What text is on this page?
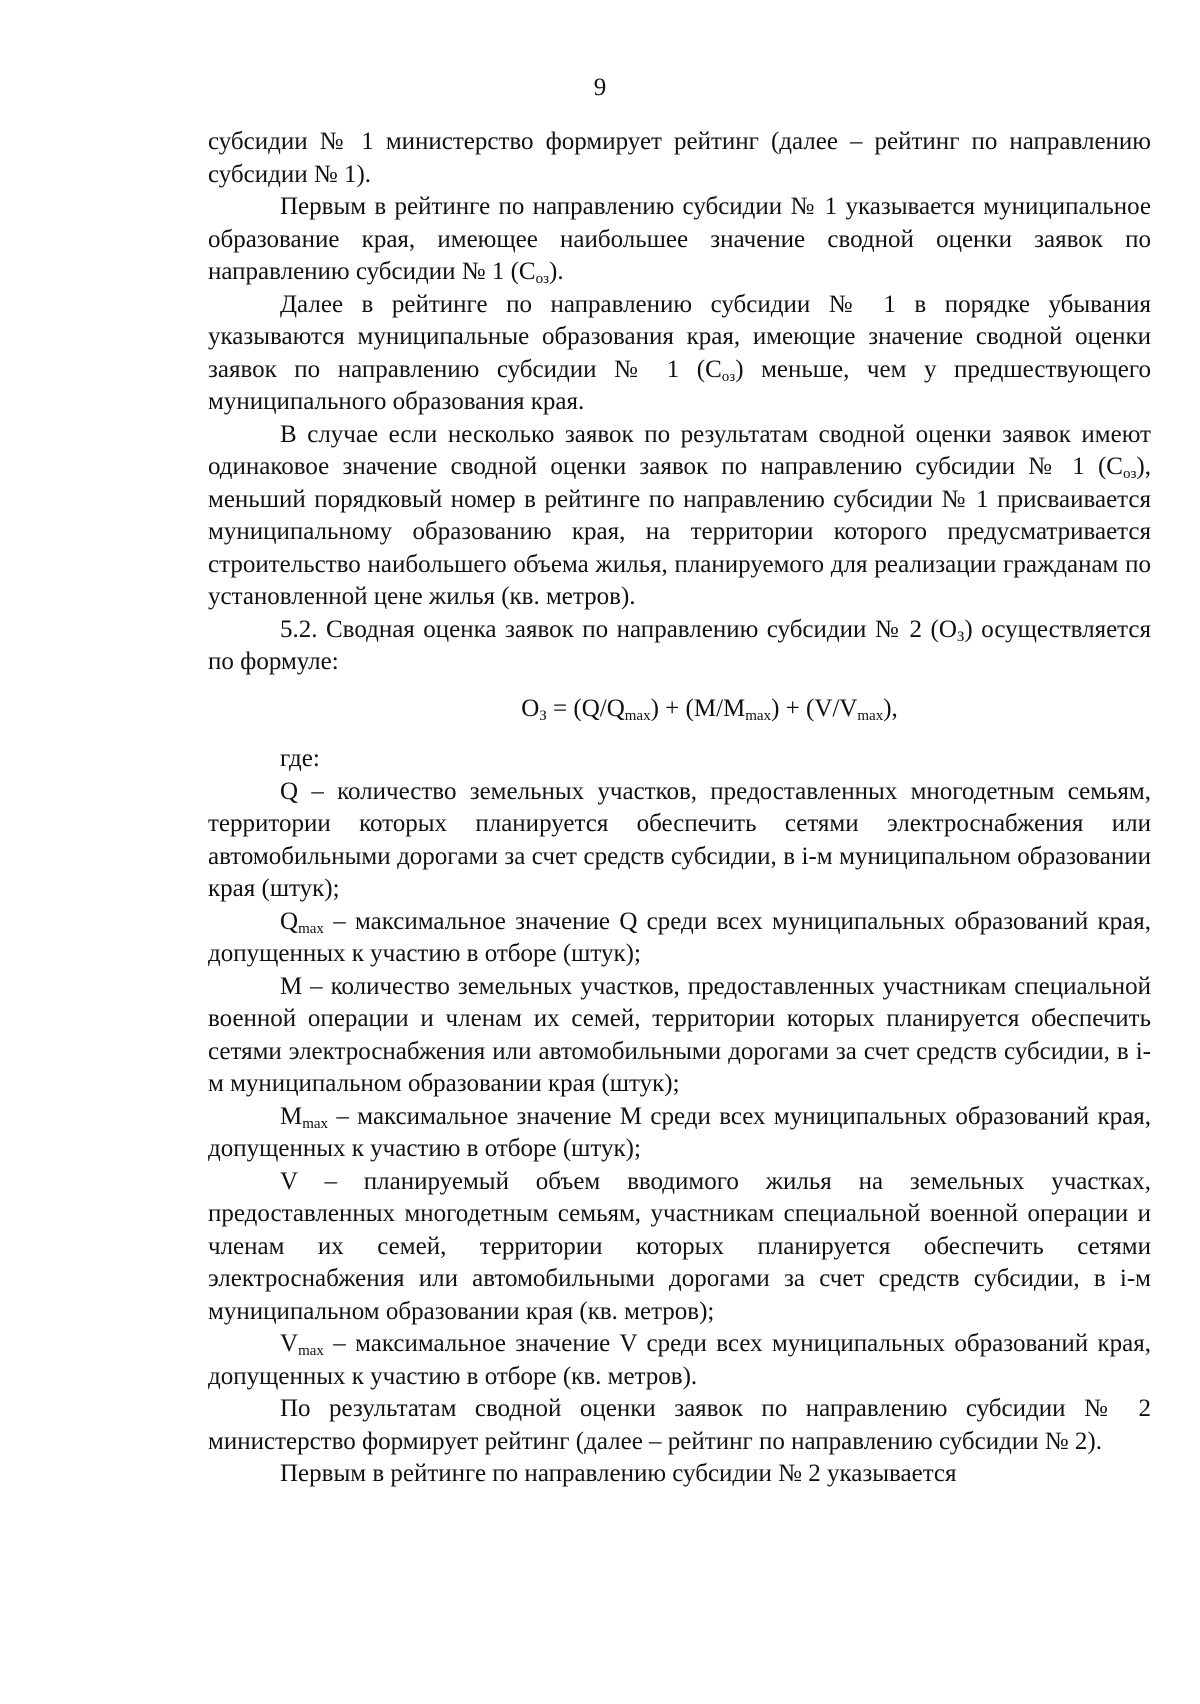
9

субсидии № 1 министерство формирует рейтинг (далее – рейтинг по направлению субсидии № 1).

Первым в рейтинге по направлению субсидии № 1 указывается муниципальное образование края, имеющее наибольшее значение сводной оценки заявок по направлению субсидии № 1 $(С_{оз})$.

Далее в рейтинге по направлению субсидии № 1 в порядке убывания указываются муниципальные образования края, имеющие значение сводной оценки заявок по направлению субсидии № 1 $(С_{оз})$ меньше, чем у предшествующего муниципального образования края.

В случае если несколько заявок по результатам сводной оценки заявок имеют одинаковое значение сводной оценки заявок по направлению субсидии № 1 $(С_{оз})$, меньший порядковый номер в рейтинге по направлению субсидии № 1 присваивается муниципальному образованию края, на территории которого предусматривается строительство наибольшего объема жилья, планируемого для реализации гражданам по установленной цене жилья (кв. метров).

5.2. Сводная оценка заявок по направлению субсидии № 2 $(О_З)$ осуществляется по формуле:

$О_З = (Q/Q_{max}) + (M/M_{max}) + (V/V_{max})$,

где:

Q – количество земельных участков, предоставленных многодетным семьям, территории которых планируется обеспечить сетями электроснабжения или автомобильными дорогами за счет средств субсидии, в i-м муниципальном образовании края (штук);

$Q_{max}$ – максимальное значение Q среди всех муниципальных образований края, допущенных к участию в отборе (штук);

M – количество земельных участков, предоставленных участникам специальной военной операции и членам их семей, территории которых планируется обеспечить сетями электроснабжения или автомобильными дорогами за счет средств субсидии, в i-м муниципальном образовании края (штук);

$M_{max}$ – максимальное значение M среди всех муниципальных образований края, допущенных к участию в отборе (штук);

V – планируемый объем вводимого жилья на земельных участках, предоставленных многодетным семьям, участникам специальной военной операции и членам их семей, территории которых планируется обеспечить сетями электроснабжения или автомобильными дорогами за счет средств субсидии, в i-м муниципальном образовании края (кв. метров);

$V_{max}$ – максимальное значение V среди всех муниципальных образований края, допущенных к участию в отборе (кв. метров).

По результатам сводной оценки заявок по направлению субсидии № 2 министерство формирует рейтинг (далее – рейтинг по направлению субсидии № 2).

Первым в рейтинге по направлению субсидии № 2 указывается
